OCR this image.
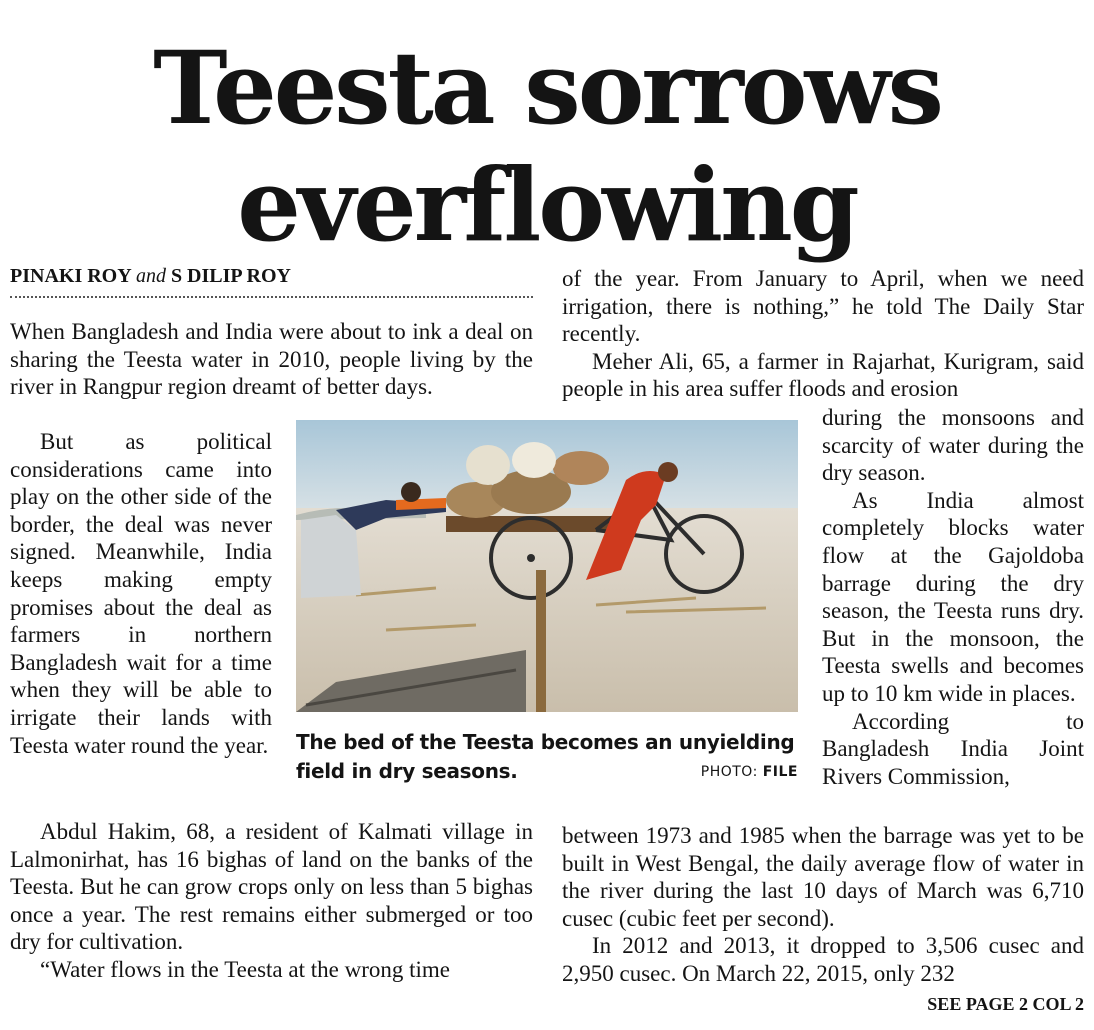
Teesta sorrows
everflowing
PINAKI ROY and S DILIP ROY

When Bangladesh and India were about to ink a deal on sharing the Teesta water in 2010, people living by the river in Rangpur region dreamt of better days.

But as political considerations came into play on the other side of the border, the deal was never signed. Meanwhile, India keeps making empty promises about the deal as farmers in northern Bangladesh wait for a time when they will be able to irrigate their lands with Teesta water round the year.

Abdul Hakim, 68, a resident of Kalmati village in Lalmonirhat, has 16 bighas of land on the banks of the Teesta. But he can grow crops only on less than 5 bighas once a year. The rest remains either submerged or too dry for cultivation.

“Water flows in the Teesta at the wrong time

of the year. From January to April, when we need irrigation, there is nothing,” he told The Daily Star recently.

Meher Ali, 65, a farmer in Rajarhat, Kurigram, said people in his area suffer floods and erosion

during the monsoons and scarcity of water during the dry season.

As India almost completely blocks water flow at the Gajoldoba barrage during the dry season, the Teesta runs dry. But in the monsoon, the Teesta swells and becomes up to 10 km wide in places.

According to Bangladesh India Joint Rivers Commission,

between 1973 and 1985 when the barrage was yet to be built in West Bengal, the daily average flow of water in the river during the last 10 days of March was 6,710 cusec (cubic feet per second).

In 2012 and 2013, it dropped to 3,506 cusec and 2,950 cusec. On March 22, 2015, only 232

The bed of the Teesta becomes an unyielding field in dry seasons.	PHOTO: FILE
SEE PAGE 2 COL 2
